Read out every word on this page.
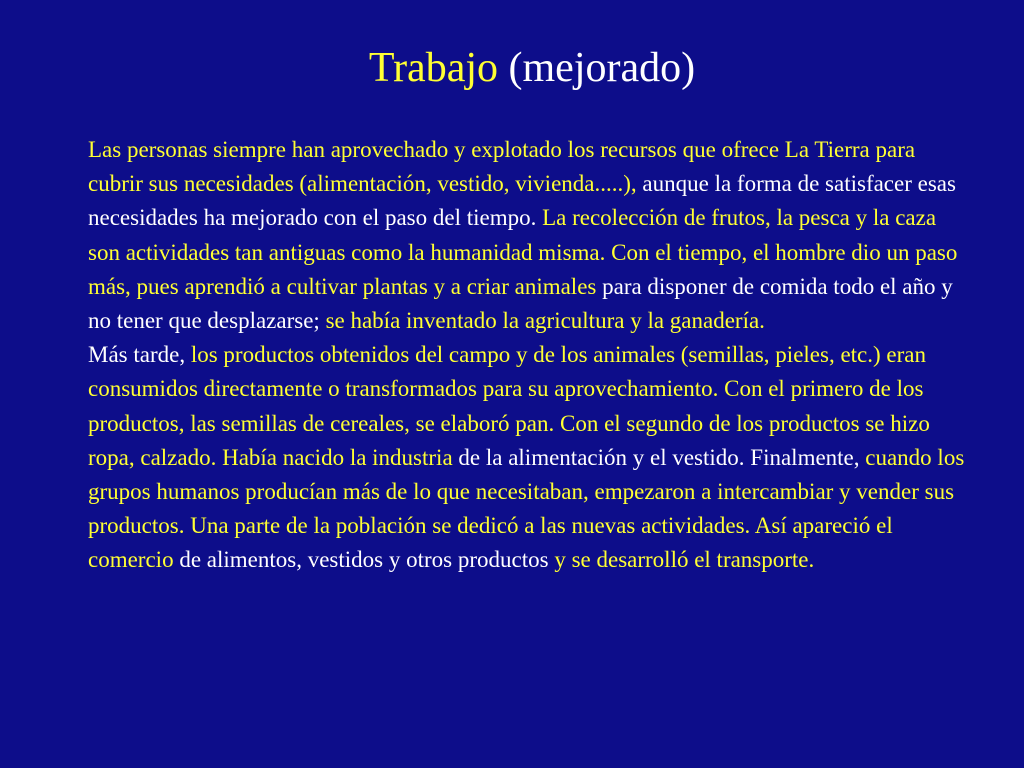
Trabajo (mejorado)

Las personas siempre han aprovechado y explotado los recursos que ofrece La Tierra para cubrir sus necesidades (alimentación, vestido, vivienda.....), aunque la forma de satisfacer esas necesidades ha mejorado con el paso del tiempo. La recolección de frutos, la pesca y la caza son actividades tan antiguas como la humanidad misma. Con el tiempo, el hombre dio un paso más, pues aprendió a cultivar plantas y a criar animales para disponer de comida todo el año y no tener que desplazarse; se había inventado la agricultura y la ganadería.

Más tarde, los productos obtenidos del campo y de los animales (semillas, pieles, etc.) eran consumidos directamente o transformados para su aprovechamiento. Con el primero de los productos, las semillas de cereales, se elaboró pan. Con el segundo de los productos se hizo ropa, calzado. Había nacido la industria de la alimentación y el vestido. Finalmente, cuando los grupos humanos producían más de lo que necesitaban, empezaron a intercambiar y vender sus productos. Una parte de la población se dedicó a las nuevas actividades. Así apareció el comercio de alimentos, vestidos y otros productos y se desarrolló el transporte.
